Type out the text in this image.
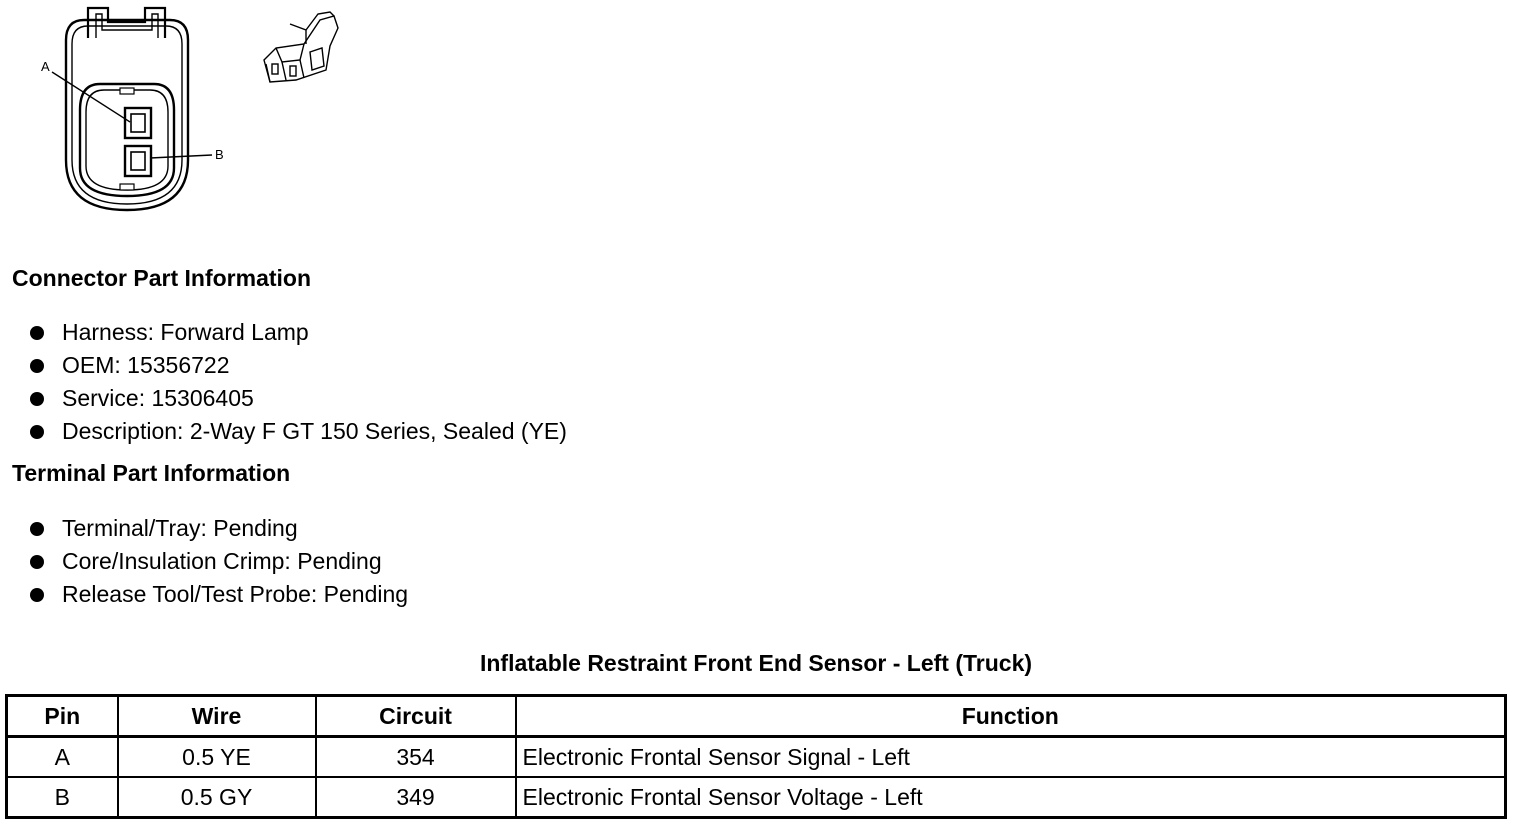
A
B
Connector Part Information
Harness: Forward Lamp
OEM: 15356722
Service: 15306405
Description: 2-Way F GT 150 Series, Sealed (YE)
Terminal Part Information
Terminal/Tray: Pending
Core/Insulation Crimp: Pending
Release Tool/Test Probe: Pending
Inflatable Restraint Front End Sensor - Left (Truck)
Pin	Wire	Circuit	Function
A	0.5 YE	354	Electronic Frontal Sensor Signal - Left
B	0.5 GY	349	Electronic Frontal Sensor Voltage - Left
